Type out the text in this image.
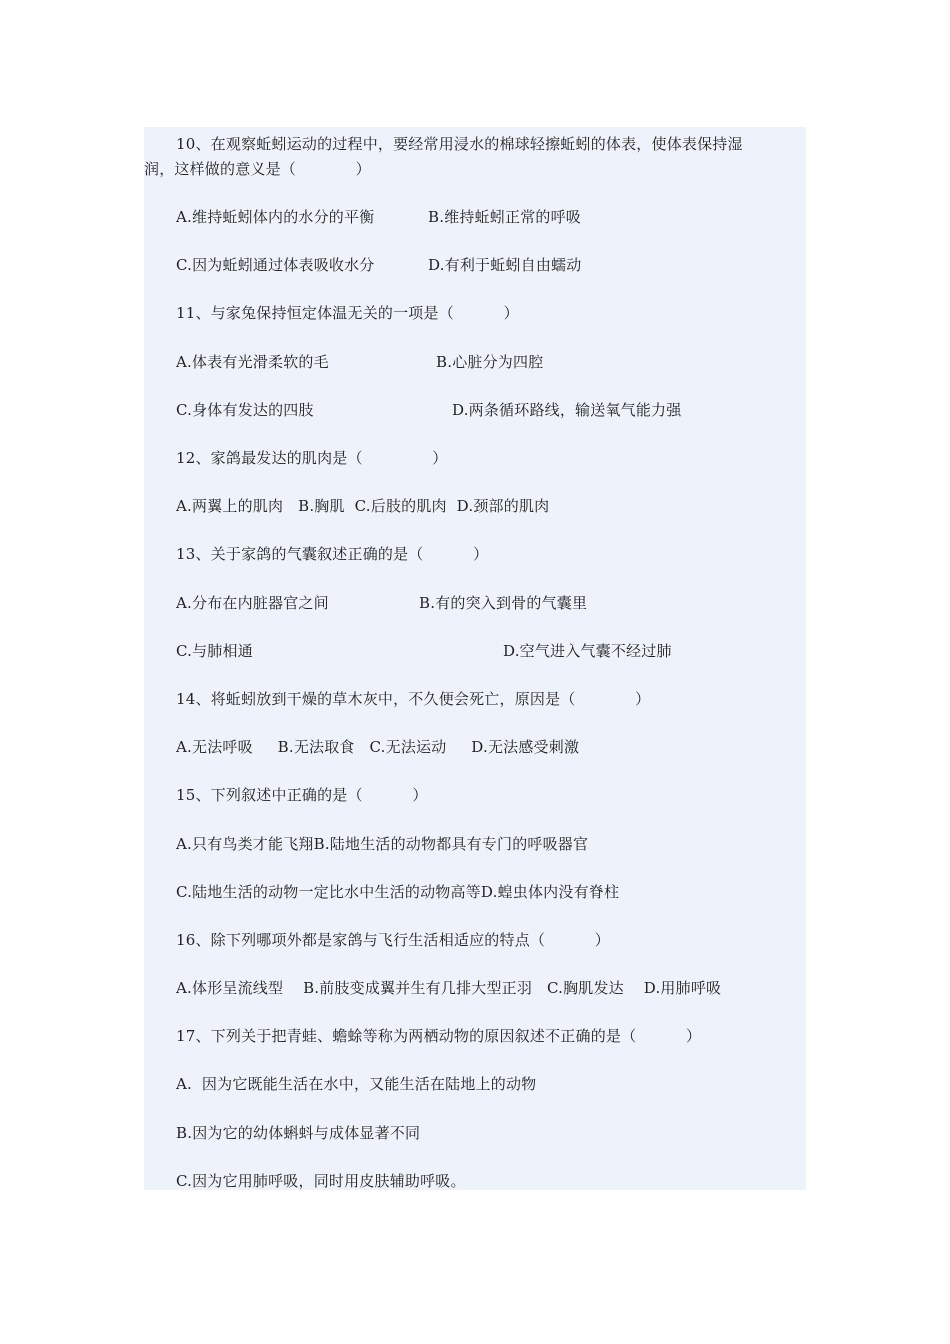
10、在观察蚯蚓运动的过程中，要经常用浸水的棉球轻擦蚯蚓的体表，使体表保持湿
润，这样做的意义是（            ）
A.维持蚯蚓体内的水分的平衡	B.维持蚯蚓正常的呼吸
C.因为蚯蚓通过体表吸收水分	D.有利于蚯蚓自由蠕动
11、与家兔保持恒定体温无关的一项是（          ）
A.体表有光滑柔软的毛	B.心脏分为四腔
C.身体有发达的四肢	D.两条循环路线，输送氧气能力强
12、家鸽最发达的肌肉是（              ）
A.两翼上的肌肉   B.胸肌  C.后肢的肌肉  D.颈部的肌肉
13、关于家鸽的气囊叙述正确的是（          ）
A.分布在内脏器官之间	B.有的突入到骨的气囊里
C.与肺相通	D.空气进入气囊不经过肺
14、将蚯蚓放到干燥的草木灰中，不久便会死亡，原因是（            ）
A.无法呼吸     B.无法取食   C.无法运动     D.无法感受刺激
15、下列叙述中正确的是（          ）
A.只有鸟类才能飞翔B.陆地生活的动物都具有专门的呼吸器官
C.陆地生活的动物一定比水中生活的动物高等D.蝗虫体内没有脊柱
16、除下列哪项外都是家鸽与飞行生活相适应的特点（          ）
A.体形呈流线型    B.前肢变成翼并生有几排大型正羽   C.胸肌发达    D.用肺呼吸
17、下列关于把青蛙、蟾蜍等称为两栖动物的原因叙述不正确的是（          ）
A.  因为它既能生活在水中，又能生活在陆地上的动物
B.因为它的幼体蝌蚪与成体显著不同
C.因为它用肺呼吸，同时用皮肤辅助呼吸。
